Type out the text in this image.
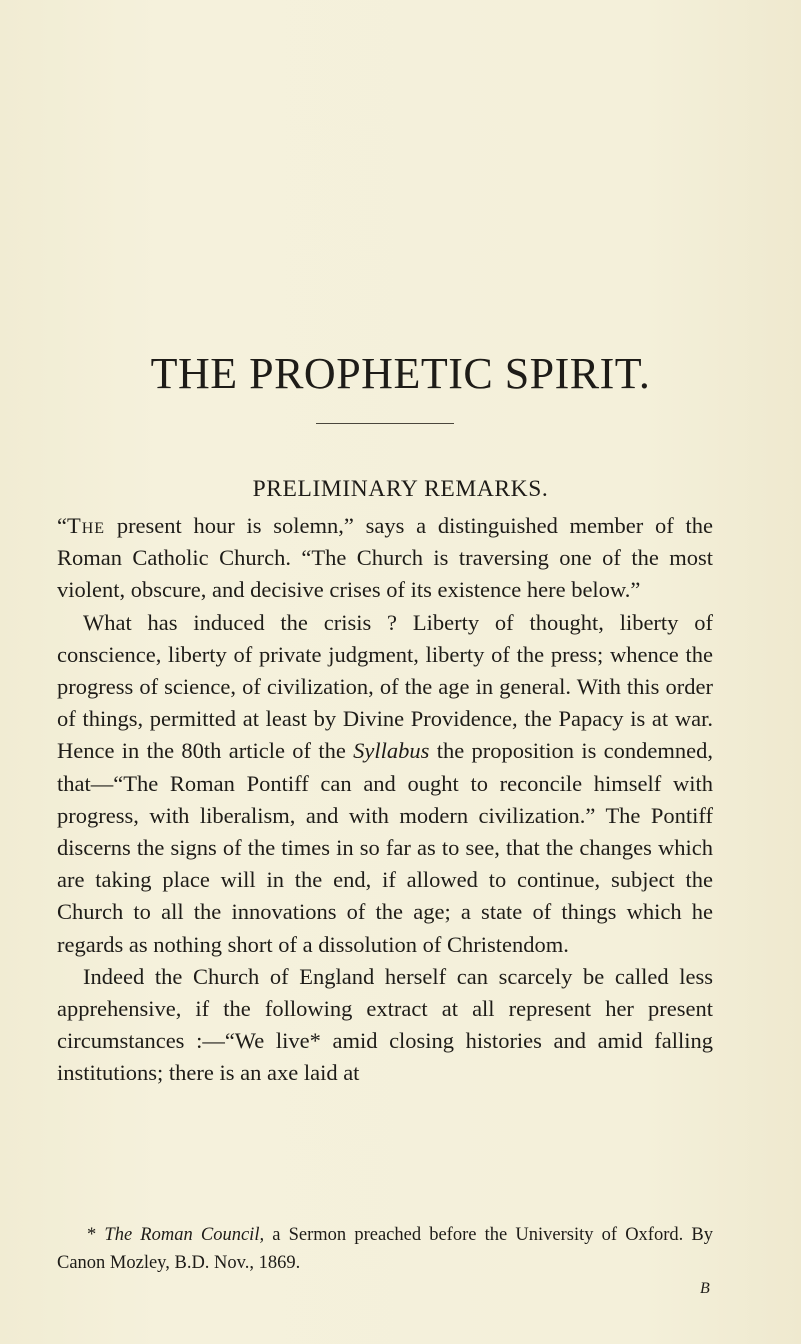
THE PROPHETIC SPIRIT.
PRELIMINARY REMARKS.

“The present hour is solemn,” says a distinguished member of the Roman Catholic Church. “The Church is traversing one of the most violent, obscure, and decisive crises of its existence here below.”

What has induced the crisis ? Liberty of thought, liberty of conscience, liberty of private judgment, liberty of the press; whence the progress of science, of civilization, of the age in general. With this order of things, permitted at least by Divine Providence, the Papacy is at war. Hence in the 80th article of the Syllabus the proposition is condemned, that—“The Roman Pontiff can and ought to reconcile himself with progress, with liberalism, and with modern civilization.” The Pontiff discerns the signs of the times in so far as to see, that the changes which are taking place will in the end, if allowed to continue, subject the Church to all the innovations of the age; a state of things which he regards as nothing short of a dissolution of Christendom.

Indeed the Church of England herself can scarcely be called less apprehensive, if the following extract at all represent her present circumstances :—“We live* amid closing histories and amid falling institutions; there is an axe laid at

* The Roman Council, a Sermon preached before the University of Oxford. By Canon Mozley, B.D. Nov., 1869.
B
